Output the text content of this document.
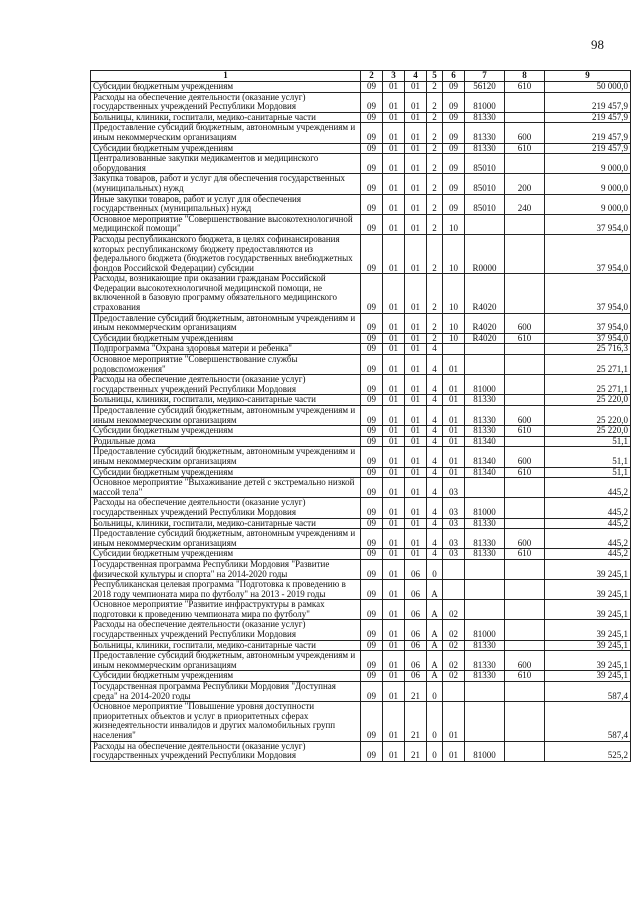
98
1	2	3	4	5	6	7	8	9
Субсидии бюджетным учреждениям	09	01	01	2	09	56120	610	50 000,0
Расходы на обеспечение деятельности (оказание услуг) государственных учреждений Республики Мордовия	09	01	01	2	09	81000		219 457,9
Больницы, клиники, госпитали, медико-санитарные части	09	01	01	2	09	81330		219 457,9
Предоставление субсидий бюджетным, автономным учреждениям и иным некоммерческим организациям	09	01	01	2	09	81330	600	219 457,9
Субсидии бюджетным учреждениям	09	01	01	2	09	81330	610	219 457,9
Централизованные закупки медикаментов и медицинского оборудования	09	01	01	2	09	85010		9 000,0
Закупка товаров, работ и услуг для обеспечения государственных (муниципальных) нужд	09	01	01	2	09	85010	200	9 000,0
Иные закупки товаров, работ и услуг для обеспечения государственных (муниципальных) нужд	09	01	01	2	09	85010	240	9 000,0
Основное мероприятие "Совершенствование высокотехнологичной медицинской помощи"	09	01	01	2	10			37 954,0
Расходы республиканского бюджета, в целях софинансирования которых республиканскому бюджету предоставляются из федерального бюджета (бюджетов государственных внебюджетных фондов Российской Федерации) субсидии	09	01	01	2	10	R0000		37 954,0
Расходы, возникающие при оказании гражданам Российской Федерации высокотехнологичной медицинской помощи, не включенной в базовую программу обязательного медицинского страхования	09	01	01	2	10	R4020		37 954,0
Предоставление субсидий бюджетным, автономным учреждениям и иным некоммерческим организациям	09	01	01	2	10	R4020	600	37 954,0
Субсидии бюджетным учреждениям	09	01	01	2	10	R4020	610	37 954,0
Подпрограмма "Охрана здоровья матери и ребенка"	09	01	01	4				25 716,3
Основное мероприятие "Совершенствование службы родовспоможения"	09	01	01	4	01			25 271,1
Расходы на обеспечение деятельности (оказание услуг) государственных учреждений Республики Мордовия	09	01	01	4	01	81000		25 271,1
Больницы, клиники, госпитали, медико-санитарные части	09	01	01	4	01	81330		25 220,0
Предоставление субсидий бюджетным, автономным учреждениям и иным некоммерческим организациям	09	01	01	4	01	81330	600	25 220,0
Субсидии бюджетным учреждениям	09	01	01	4	01	81330	610	25 220,0
Родильные дома	09	01	01	4	01	81340		51,1
Предоставление субсидий бюджетным, автономным учреждениям и иным некоммерческим организациям	09	01	01	4	01	81340	600	51,1
Субсидии бюджетным учреждениям	09	01	01	4	01	81340	610	51,1
Основное мероприятие "Выхаживание детей с экстремально низкой массой тела"	09	01	01	4	03			445,2
Расходы на обеспечение деятельности (оказание услуг) государственных учреждений Республики Мордовия	09	01	01	4	03	81000		445,2
Больницы, клиники, госпитали, медико-санитарные части	09	01	01	4	03	81330		445,2
Предоставление субсидий бюджетным, автономным учреждениям и иным некоммерческим организациям	09	01	01	4	03	81330	600	445,2
Субсидии бюджетным учреждениям	09	01	01	4	03	81330	610	445,2
Государственная программа Республики Мордовия "Развитие физической культуры и спорта" на 2014-2020 годы	09	01	06	0				39 245,1
Республиканская целевая программа "Подготовка к проведению в 2018 году чемпионата мира по футболу" на 2013 - 2019 годы	09	01	06	А				39 245,1
Основное мероприятие "Развитие инфраструктуры в рамках подготовки к проведению чемпионата мира по футболу"	09	01	06	А	02			39 245,1
Расходы на обеспечение деятельности (оказание услуг) государственных учреждений Республики Мордовия	09	01	06	А	02	81000		39 245,1
Больницы, клиники, госпитали, медико-санитарные части	09	01	06	А	02	81330		39 245,1
Предоставление субсидий бюджетным, автономным учреждениям и иным некоммерческим организациям	09	01	06	А	02	81330	600	39 245,1
Субсидии бюджетным учреждениям	09	01	06	А	02	81330	610	39 245,1
Государственная программа Республики Мордовия "Доступная среда" на 2014-2020 годы	09	01	21	0				587,4
Основное мероприятие "Повышение уровня доступности приоритетных объектов и услуг в приоритетных сферах жизнедеятельности инвалидов и других маломобильных групп населения"	09	01	21	0	01			587,4
Расходы на обеспечение деятельности (оказание услуг) государственных учреждений Республики Мордовия	09	01	21	0	01	81000		525,2
